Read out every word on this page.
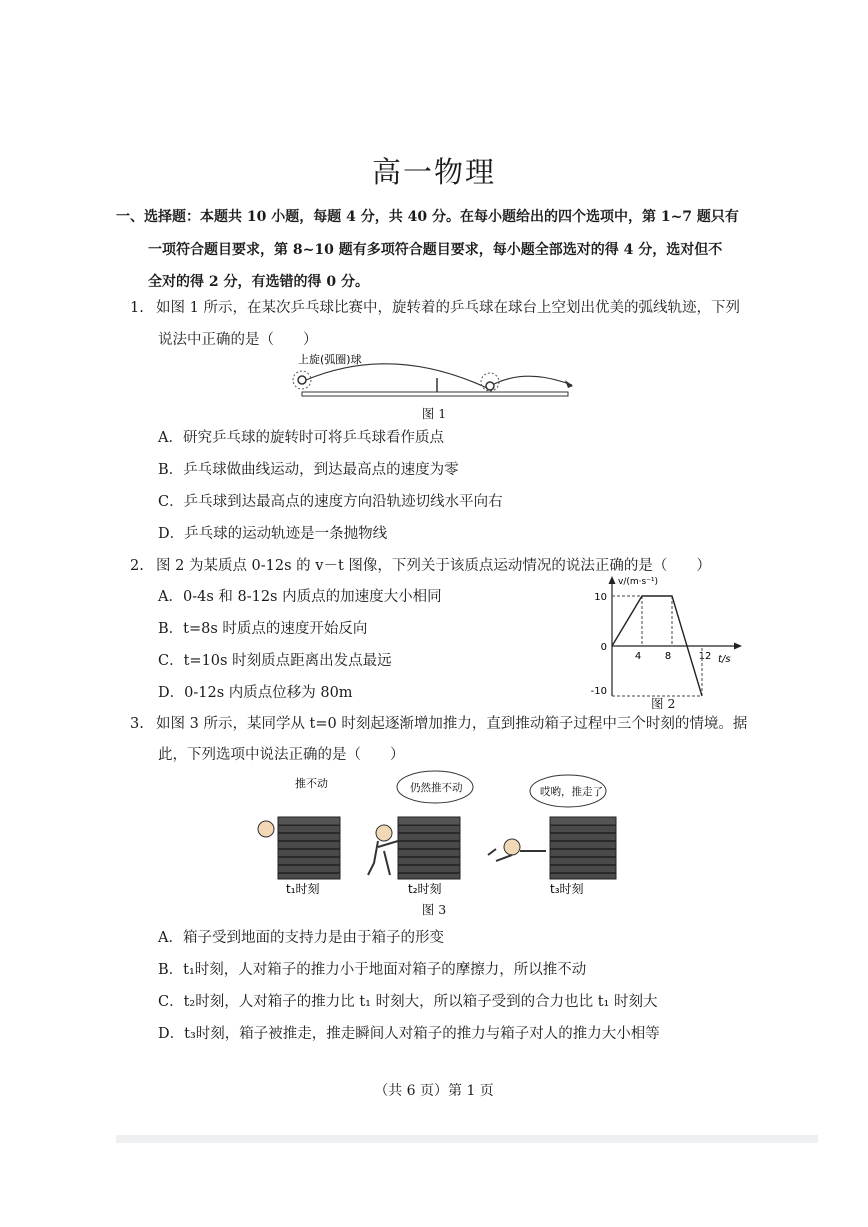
高一物理
一、选择题：本题共 10 小题，每题 4 分，共 40 分。在每小题给出的四个选项中，第 1~7 题只有
一项符合题目要求，第 8~10 题有多项符合题目要求，每小题全部选对的得 4 分，选对但不
全对的得 2 分，有选错的得 0 分。
1. 如图 1 所示，在某次乒乓球比赛中，旋转着的乒乓球在球台上空划出优美的弧线轨迹，下列
说法中正确的是（　　）
上旋(弧圈)球
图 1
A．研究乒乓球的旋转时可将乒乓球看作质点
B．乒乓球做曲线运动，到达最高点的速度为零
C．乒乓球到达最高点的速度方向沿轨迹切线水平向右
D．乒乓球的运动轨迹是一条抛物线
2. 图 2 为某质点 0-12s 的 v－t 图像，下列关于该质点运动情况的说法正确的是（　　）
A．0-4s 和 8-12s 内质点的加速度大小相同
B．t=8s 时质点的速度开始反向
C．t=10s 时刻质点距离出发点最远
D．0-12s 内质点位移为 80m
v/(m·s⁻¹)
t/s
10
0
-10
4 8	12
图 2
3. 如图 3 所示，某同学从 t=0 时刻起逐渐增加推力，直到推动箱子过程中三个时刻的情境。据
此，下列选项中说法正确的是（　　）
推不动
t₁时刻
仍然推不动
t₂时刻
哎哟，推走了
t₃时刻
图 3
A．箱子受到地面的支持力是由于箱子的形变
B．t₁时刻，人对箱子的推力小于地面对箱子的摩擦力，所以推不动
C．t₂时刻，人对箱子的推力比 t₁ 时刻大，所以箱子受到的合力也比 t₁ 时刻大
D．t₃时刻，箱子被推走，推走瞬间人对箱子的推力与箱子对人的推力大小相等
（共 6 页）第 1 页
